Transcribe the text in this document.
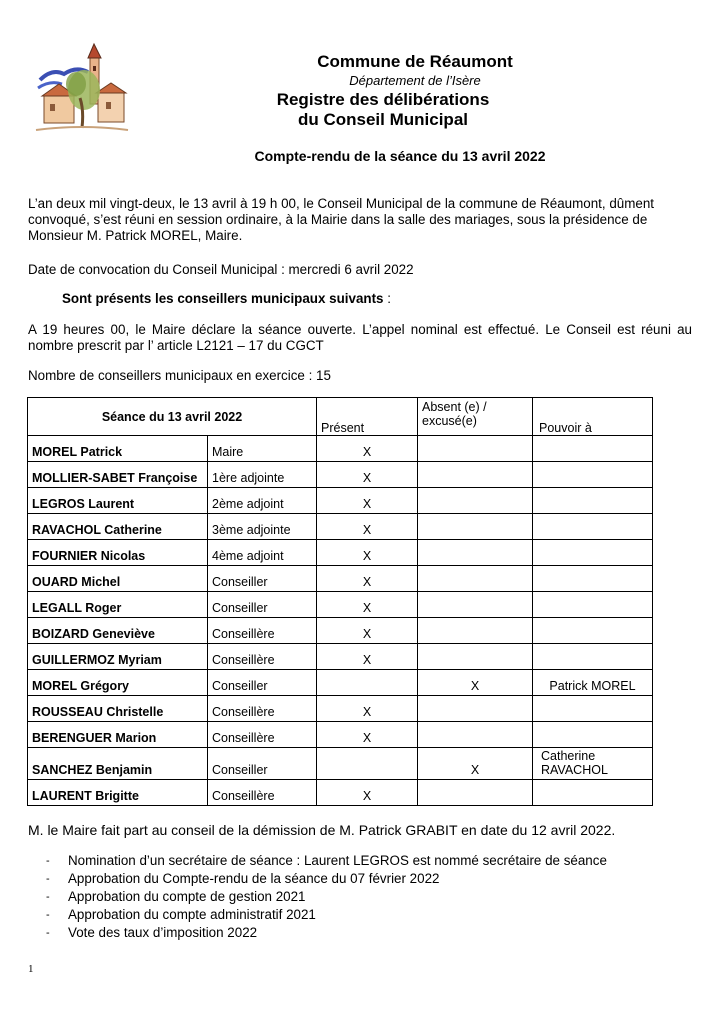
Commune de Réaumont
Département de l’Isère
Registre des délibérations
du Conseil Municipal
Compte-rendu de la séance du 13 avril 2022
L’an deux mil vingt-deux, le 13 avril à 19 h 00, le Conseil Municipal de la commune de Réaumont, dûment convoqué, s’est réuni en session ordinaire, à la Mairie dans la salle des mariages, sous la présidence de Monsieur M. Patrick MOREL, Maire.
Date de convocation du Conseil Municipal : mercredi 6 avril 2022
Sont présents les conseillers municipaux suivants :
A 19 heures 00, le Maire déclare la séance ouverte. L’appel nominal est effectué. Le Conseil est réuni au nombre prescrit par l’ article L2121 – 17 du CGCT
Nombre de conseillers municipaux en exercice : 15
Séance du 13 avril 2022		Présent	Absent (e) / excusé(e)	Pouvoir à
MOREL Patrick	Maire	X		
MOLLIER-SABET Françoise	1ère adjointe	X		
LEGROS Laurent	2ème adjoint	X		
RAVACHOL Catherine	3ème adjointe	X		
FOURNIER Nicolas	4ème adjoint	X		
OUARD Michel	Conseiller	X		
LEGALL Roger	Conseiller	X		
BOIZARD Geneviève	Conseillère	X		
GUILLERMOZ Myriam	Conseillère	X		
MOREL Grégory	Conseiller		X	Patrick MOREL
ROUSSEAU Christelle	Conseillère	X		
BERENGUER Marion	Conseillère	X		
SANCHEZ Benjamin	Conseiller		X	Catherine RAVACHOL
LAURENT Brigitte	Conseillère	X		
M. le Maire fait part au conseil de la démission de M. Patrick GRABIT en date du 12 avril 2022.
- Nomination d’un secrétaire de séance : Laurent LEGROS est nommé secrétaire de séance
- Approbation du Compte-rendu de la séance du 07 février 2022
- Approbation du compte de gestion 2021
- Approbation du compte administratif 2021
- Vote des taux d’imposition 2022
1
